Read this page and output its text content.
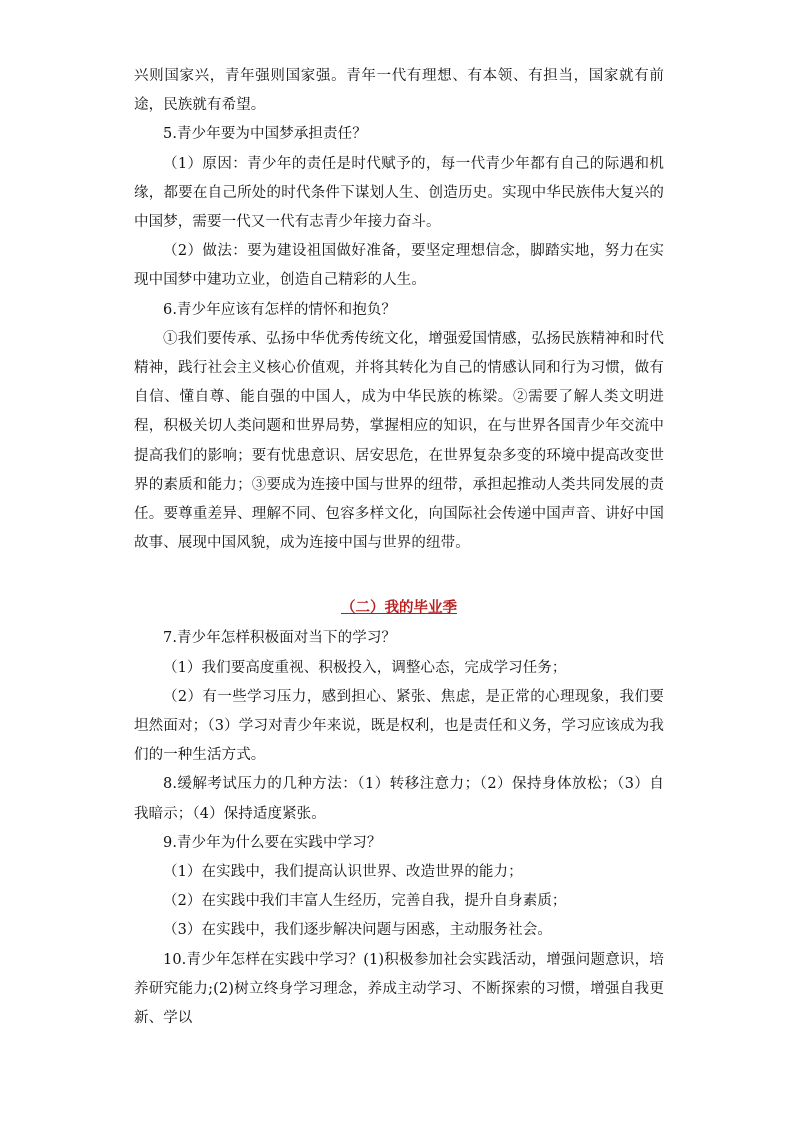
兴则国家兴，青年强则国家强。青年一代有理想、有本领、有担当，国家就有前途，民族就有希望。

5.青少年要为中国梦承担责任？

（1）原因：青少年的责任是时代赋予的，每一代青少年都有自己的际遇和机缘，都要在自己所处的时代条件下谋划人生、创造历史。实现中华民族伟大复兴的中国梦，需要一代又一代有志青少年接力奋斗。

（2）做法：要为建设祖国做好准备，要坚定理想信念，脚踏实地，努力在实现中国梦中建功立业，创造自己精彩的人生。

6.青少年应该有怎样的情怀和抱负？

①我们要传承、弘扬中华优秀传统文化，增强爱国情感，弘扬民族精神和时代精神，践行社会主义核心价值观，并将其转化为自己的情感认同和行为习惯，做有自信、懂自尊、能自强的中国人，成为中华民族的栋梁。②需要了解人类文明进程，积极关切人类问题和世界局势，掌握相应的知识，在与世界各国青少年交流中提高我们的影响；要有忧患意识、居安思危，在世界复杂多变的环境中提高改变世界的素质和能力；③要成为连接中国与世界的纽带，承担起推动人类共同发展的责任。要尊重差异、理解不同、包容多样文化，向国际社会传递中国声音、讲好中国故事、展现中国风貌，成为连接中国与世界的纽带。

（二）我的毕业季

7.青少年怎样积极面对当下的学习？

（1）我们要高度重视、积极投入，调整心态，完成学习任务；

（2）有一些学习压力，感到担心、紧张、焦虑，是正常的心理现象，我们要坦然面对；（3）学习对青少年来说，既是权利，也是责任和义务，学习应该成为我们的一种生活方式。

8.缓解考试压力的几种方法：（1）转移注意力；（2）保持身体放松；（3）自我暗示；（4）保持适度紧张。

9.青少年为什么要在实践中学习？

（1）在实践中，我们提高认识世界、改造世界的能力；

（2）在实践中我们丰富人生经历，完善自我，提升自身素质；

（3）在实践中，我们逐步解决问题与困惑，主动服务社会。

10.青少年怎样在实践中学习？(1)积极参加社会实践活动，增强问题意识，培养研究能力;(2)树立终身学习理念，养成主动学习、不断探索的习惯，增强自我更新、学以
